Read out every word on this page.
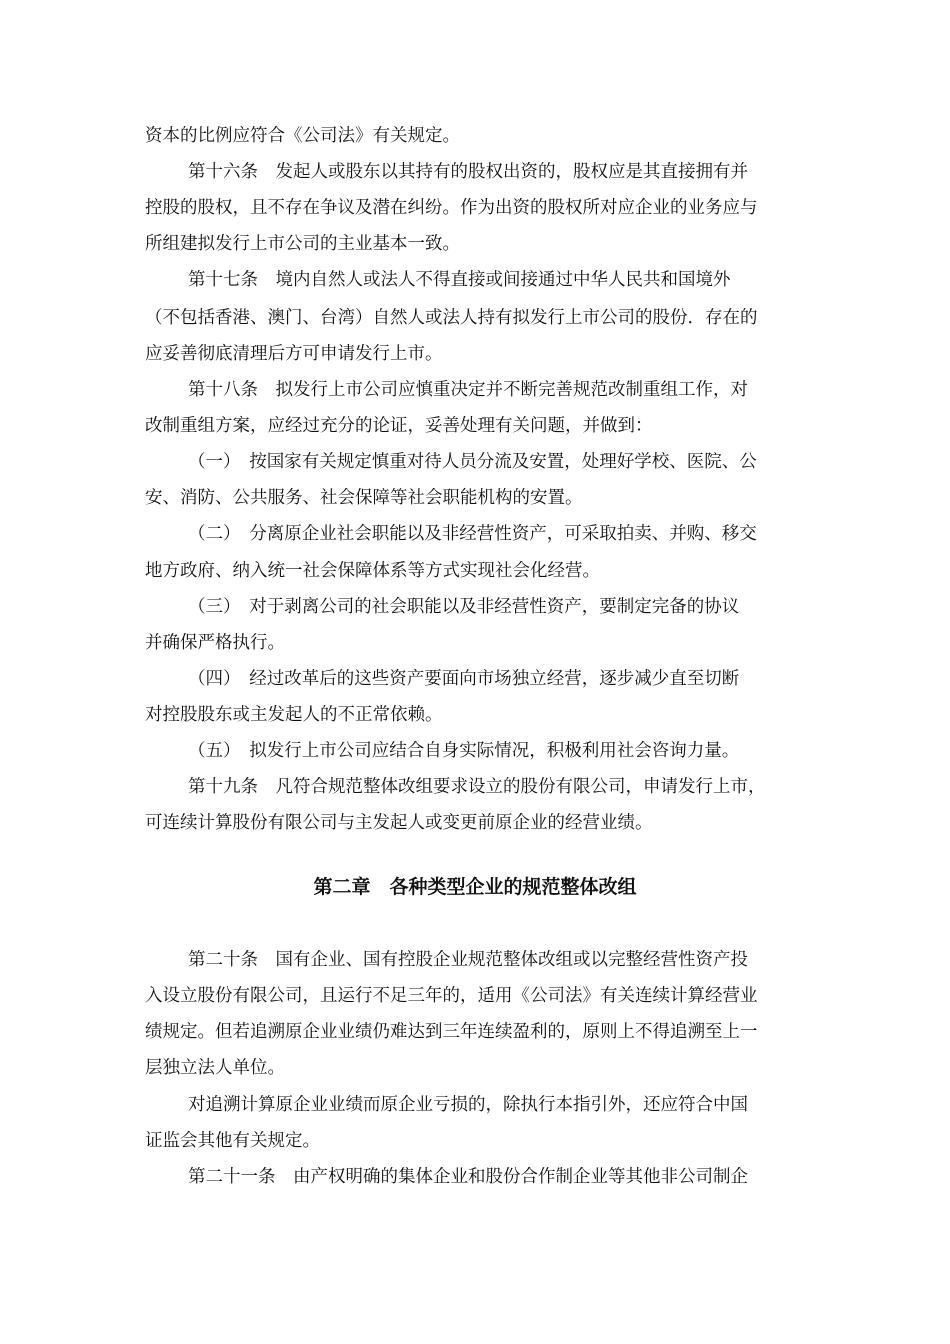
资本的比例应符合《公司法》有关规定。
第十六条　发起人或股东以其持有的股权出资的，股权应是其直接拥有并
控股的股权，且不存在争议及潜在纠纷。作为出资的股权所对应企业的业务应与
所组建拟发行上市公司的主业基本一致。
第十七条　境内自然人或法人不得直接或间接通过中华人民共和国境外
（不包括香港、澳门、台湾）自然人或法人持有拟发行上市公司的股份．存在的
应妥善彻底清理后方可申请发行上市。
第十八条　拟发行上市公司应慎重决定并不断完善规范改制重组工作，对
改制重组方案，应经过充分的论证，妥善处理有关问题，并做到：
（一）　按国家有关规定慎重对待人员分流及安置，处理好学校、医院、公
安、消防、公共服务、社会保障等社会职能机构的安置。
（二）　分离原企业社会职能以及非经营性资产，可采取拍卖、并购、移交
地方政府、纳入统一社会保障体系等方式实现社会化经营。
（三）　对于剥离公司的社会职能以及非经营性资产，要制定完备的协议
并确保严格执行。
（四）　经过改革后的这些资产要面向市场独立经营，逐步减少直至切断
对控股股东或主发起人的不正常依赖。
（五）　拟发行上市公司应结合自身实际情况，积极利用社会咨询力量。
第十九条　凡符合规范整体改组要求设立的股份有限公司，申请发行上市，
可连续计算股份有限公司与主发起人或变更前原企业的经营业绩。
第二章　各种类型企业的规范整体改组
第二十条　国有企业、国有控股企业规范整体改组或以完整经营性资产投
入设立股份有限公司，且运行不足三年的，适用《公司法》有关连续计算经营业
绩规定。但若追溯原企业业绩仍难达到三年连续盈利的，原则上不得追溯至上一
层独立法人单位。
对追溯计算原企业业绩而原企业亏损的，除执行本指引外，还应符合中国
证监会其他有关规定。
第二十一条　由产权明确的集体企业和股份合作制企业等其他非公司制企
